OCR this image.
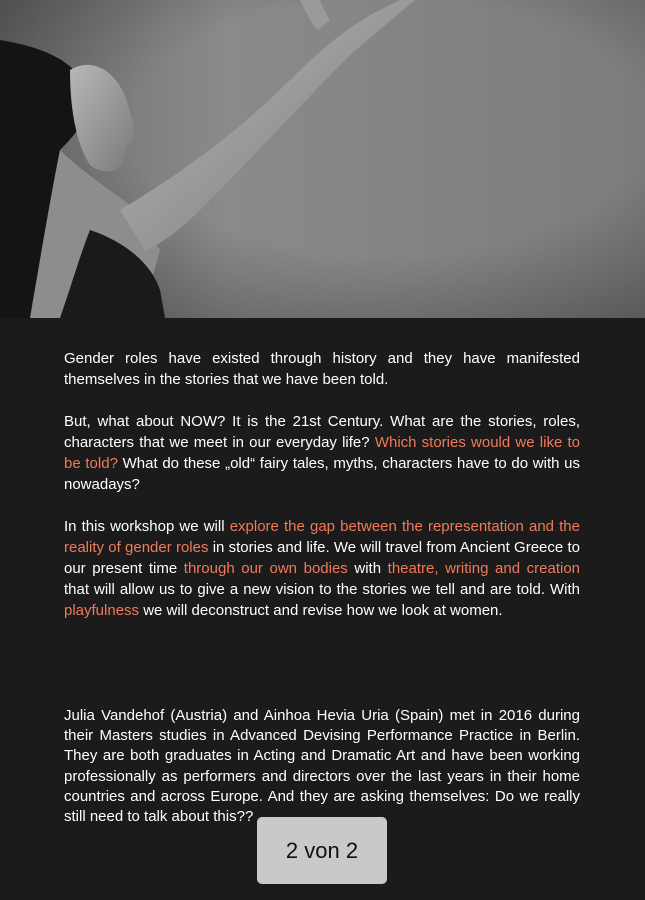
Gender roles have existed through history and they have manifested themselves in the stories that we have been told.

But, what about NOW? It is the 21st Century. What are the stories, roles, characters that we meet in our everyday life? Which stories would we like to be told? What do these „old“ fairy tales, myths, characters have to do with us nowadays?

In this workshop we will explore the gap between the representation and the reality of gender roles in stories and life. We will travel from Ancient Greece to our present time through our own bodies with theatre, writing and creation that will allow us to give a new vision to the stories we tell and are told. With playfulness we will deconstruct and revise how we look at women.

Julia Vandehof (Austria) and Ainhoa Hevia Uria (Spain) met in 2016 during their Masters studies in Advanced Devising Performance Practice in Berlin. They are both graduates in Acting and Dramatic Art and have been working professionally as performers and directors over the last years in their home countries and across Europe. And they are asking themselves: Do we really still need to talk about this??

2 von 2
